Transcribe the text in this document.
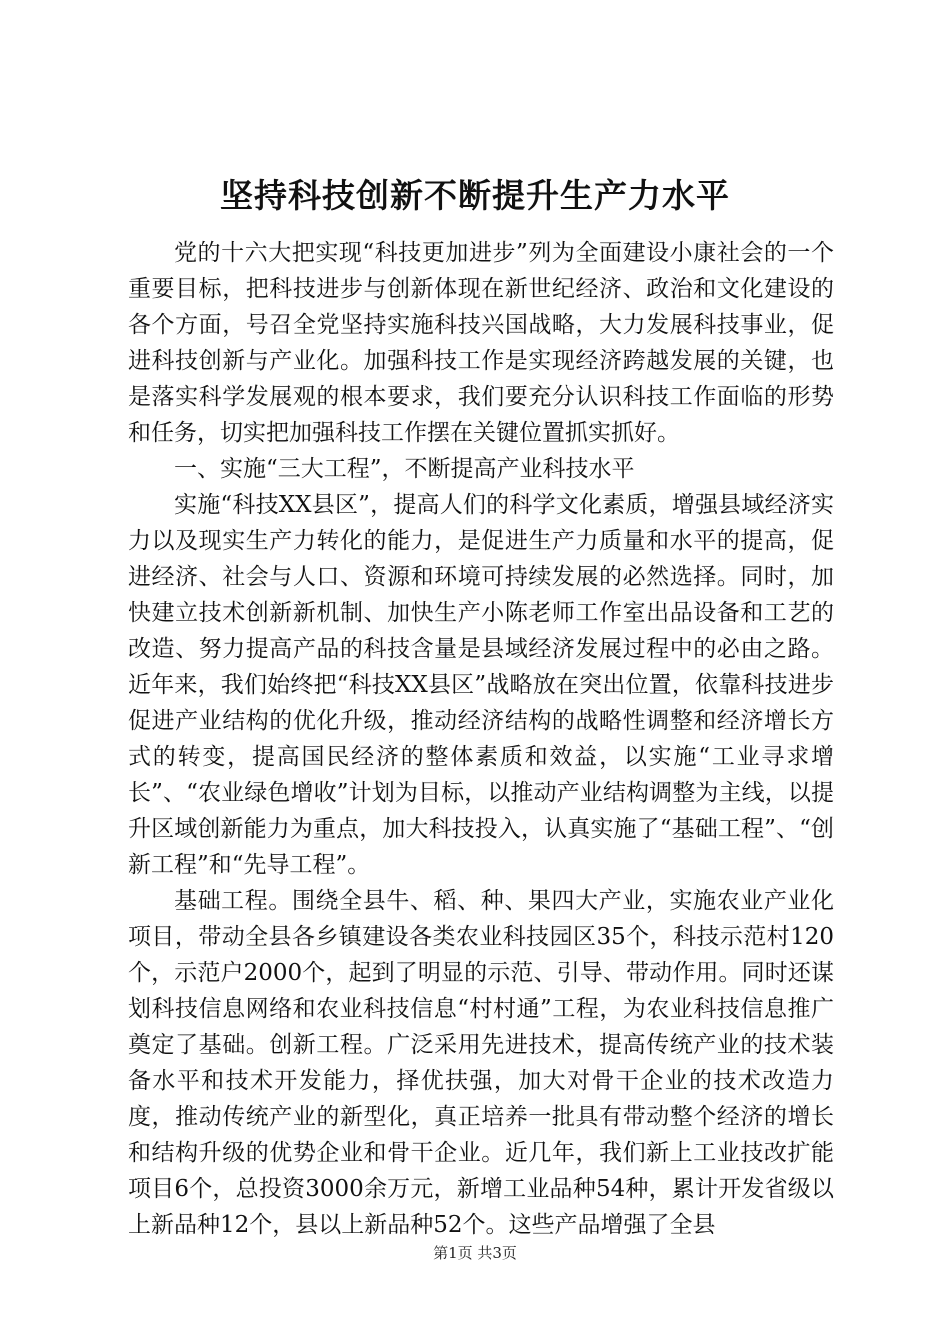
坚持科技创新不断提升生产力水平

党的十六大把实现“科技更加进步”列为全面建设小康社会的一个重要目标，把科技进步与创新体现在新世纪经济、政治和文化建设的各个方面，号召全党坚持实施科技兴国战略，大力发展科技事业，促进科技创新与产业化。加强科技工作是实现经济跨越发展的关键，也是落实科学发展观的根本要求，我们要充分认识科技工作面临的形势和任务，切实把加强科技工作摆在关键位置抓实抓好。

一、实施“三大工程”，不断提高产业科技水平

实施“科技XX县区”，提高人们的科学文化素质，增强县域经济实力以及现实生产力转化的能力，是促进生产力质量和水平的提高，促进经济、社会与人口、资源和环境可持续发展的必然选择。同时，加快建立技术创新新机制、加快生产小陈老师工作室出品设备和工艺的改造、努力提高产品的科技含量是县域经济发展过程中的必由之路。近年来，我们始终把“科技XX县区”战略放在突出位置，依靠科技进步促进产业结构的优化升级，推动经济结构的战略性调整和经济增长方式的转变，提高国民经济的整体素质和效益，以实施“工业寻求增长”、“农业绿色增收”计划为目标，以推动产业结构调整为主线，以提升区域创新能力为重点，加大科技投入，认真实施了“基础工程”、“创新工程”和“先导工程”。

基础工程。围绕全县牛、稻、种、果四大产业，实施农业产业化项目，带动全县各乡镇建设各类农业科技园区35个，科技示范村120个，示范户2000个，起到了明显的示范、引导、带动作用。同时还谋划科技信息网络和农业科技信息“村村通”工程，为农业科技信息推广奠定了基础。创新工程。广泛采用先进技术，提高传统产业的技术装备水平和技术开发能力，择优扶强，加大对骨干企业的技术改造力度，推动传统产业的新型化，真正培养一批具有带动整个经济的增长和结构升级的优势企业和骨干企业。近几年，我们新上工业技改扩能项目6个，总投资3000余万元，新增工业品种54种，累计开发省级以上新品种12个，县以上新品种52个。这些产品增强了全县

第1页 共3页
